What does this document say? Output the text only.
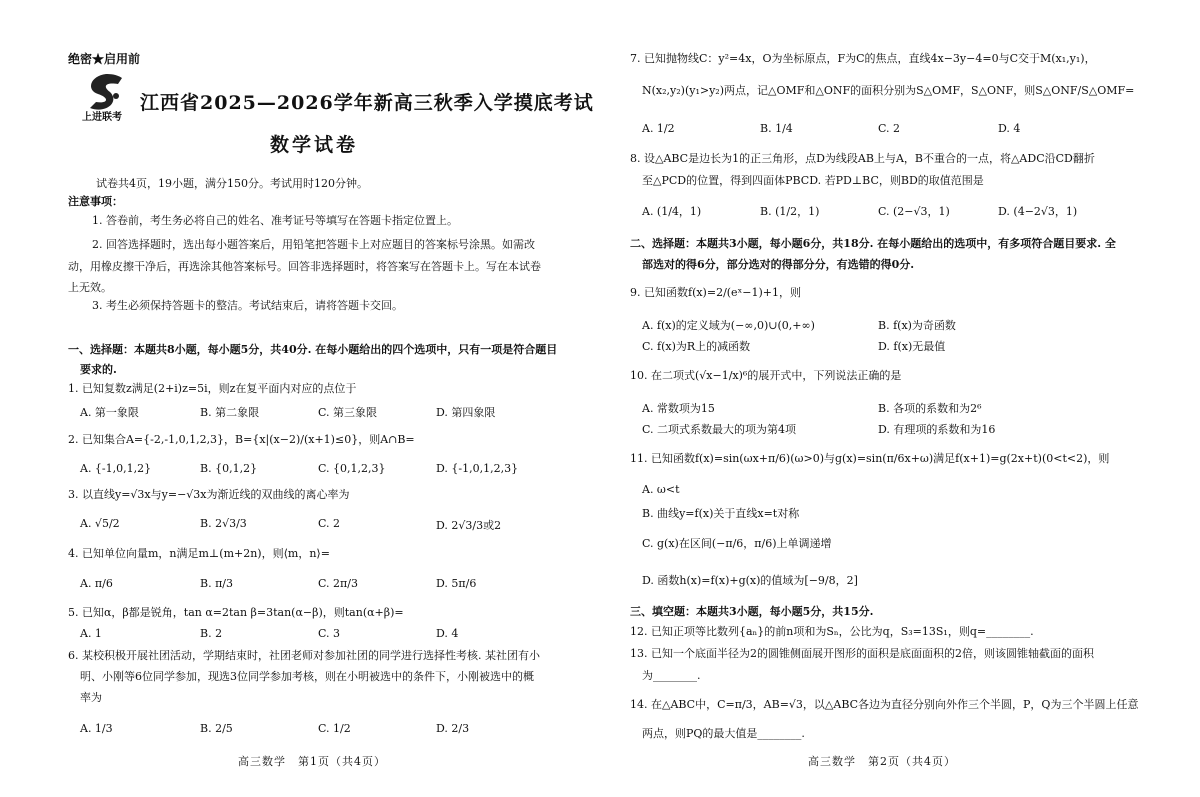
绝密★启用前
上进联考
江西省2025—2026学年新高三秋季入学摸底考试
数学试卷
试卷共4页，19小题，满分150分。考试用时120分钟。
注意事项：
1. 答卷前，考生务必将自己的姓名、准考证号等填写在答题卡指定位置上。
2. 回答选择题时，选出每小题答案后，用铅笔把答题卡上对应题目的答案标号涂黑。如需改
动，用橡皮擦干净后，再选涂其他答案标号。回答非选择题时，将答案写在答题卡上。写在本试卷
上无效。
3. 考生必须保持答题卡的整洁。考试结束后，请将答题卡交回。
一、选择题：本题共8小题，每小题5分，共40分. 在每小题给出的四个选项中，只有一项是符合题目
要求的.
1. 已知复数z满足(2+i)z=5i，则z在复平面内对应的点位于
A. 第一象限	B. 第二象限	C. 第三象限	D. 第四象限
2. 已知集合A={-2,-1,0,1,2,3}，B={x|(x−2)/(x+1)≤0}，则A∩B=
A. {-1,0,1,2}	B. {0,1,2}	C. {0,1,2,3}	D. {-1,0,1,2,3}
3. 以直线y=√3x与y=−√3x为渐近线的双曲线的离心率为
A. √5/2	B. 2√3/3	C. 2	D. 2√3/3或2
4. 已知单位向量m，n满足m⊥(m+2n)，则⟨m，n⟩=
A. π/6	B. π/3	C. 2π/3	D. 5π/6
5. 已知α，β都是锐角，tan α=2tan β=3tan(α−β)，则tan(α+β)=
A. 1	B. 2	C. 3	D. 4
6. 某校积极开展社团活动，学期结束时，社团老师对参加社团的同学进行选择性考核. 某社团有小
明、小刚等6位同学参加，现选3位同学参加考核，则在小明被选中的条件下，小刚被选中的概
率为
A. 1/3	B. 2/5	C. 1/2	D. 2/3
高三数学　第1页（共4页）
7. 已知抛物线C：y²=4x，O为坐标原点，F为C的焦点，直线4x−3y−4=0与C交于M(x₁,y₁)，
N(x₂,y₂)(y₁>y₂)两点，记△OMF和△ONF的面积分别为S△OMF，S△ONF，则S△ONF/S△OMF=
A. 1/2	B. 1/4	C. 2	D. 4
8. 设△ABC是边长为1的正三角形，点D为线段AB上与A，B不重合的一点，将△ADC沿CD翻折
至△PCD的位置，得到四面体PBCD. 若PD⊥BC，则BD的取值范围是
A. (1/4，1)	B. (1/2，1)	C. (2−√3，1)	D. (4−2√3，1)
二、选择题：本题共3小题，每小题6分，共18分. 在每小题给出的选项中，有多项符合题目要求. 全
部选对的得6分，部分选对的得部分分，有选错的得0分.
9. 已知函数f(x)=2/(eˣ−1)+1，则
A. f(x)的定义域为(−∞,0)∪(0,+∞)	B. f(x)为奇函数
C. f(x)为R上的减函数	D. f(x)无最值
10. 在二项式(√x−1/x)⁶的展开式中，下列说法正确的是
A. 常数项为15	B. 各项的系数和为2⁶
C. 二项式系数最大的项为第4项	D. 有理项的系数和为16
11. 已知函数f(x)=sin(ωx+π/6)(ω>0)与g(x)=sin(π/6x+ω)满足f(x+1)=g(2x+t)(0<t<2)，则
A. ω<t
B. 曲线y=f(x)关于直线x=t对称
C. g(x)在区间(−π/6，π/6)上单调递增
D. 函数h(x)=f(x)+g(x)的值域为[−9/8，2]
三、填空题：本题共3小题，每小题5分，共15分.
12. 已知正项等比数列{aₙ}的前n项和为Sₙ，公比为q，S₃=13S₁，则q=________.
13. 已知一个底面半径为2的圆锥侧面展开图形的面积是底面面积的2倍，则该圆锥轴截面的面积
为________.
14. 在△ABC中，C=π/3，AB=√3，以△ABC各边为直径分别向外作三个半圆，P，Q为三个半圆上任意
两点，则PQ的最大值是________.
高三数学　第2页（共4页）
